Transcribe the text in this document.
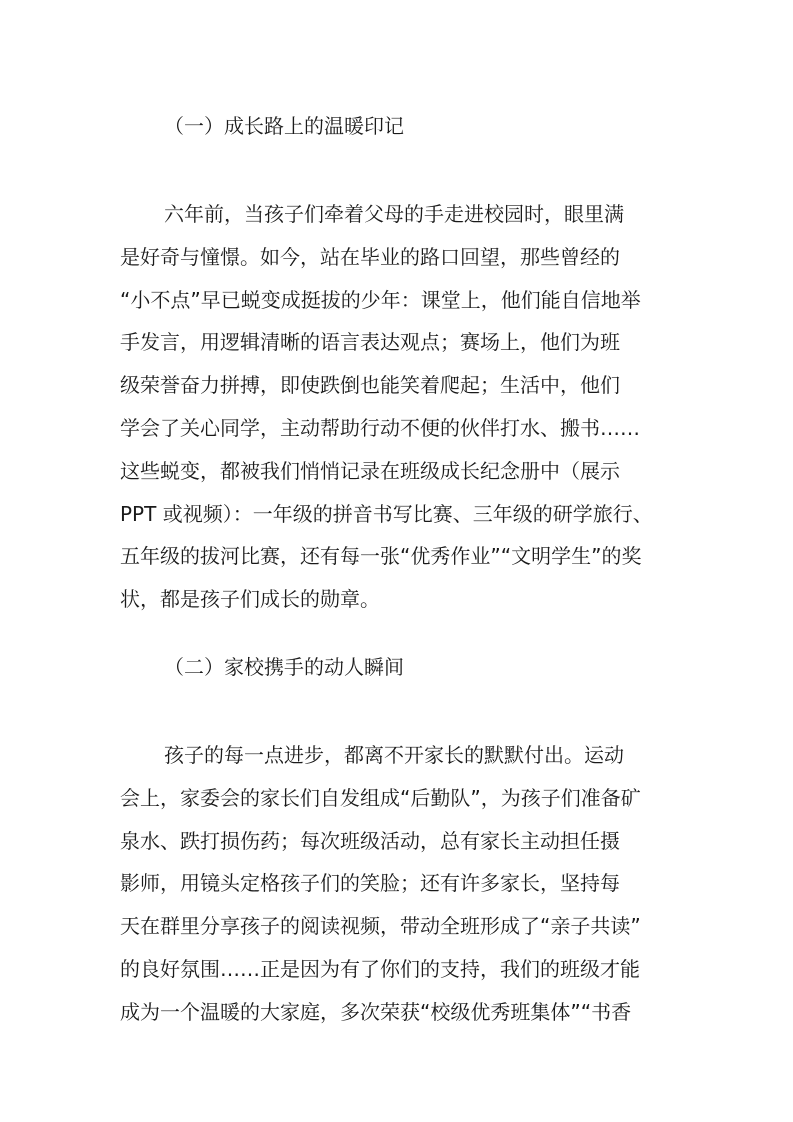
（一）成长路上的温暖印记
六年前，当孩子们牵着父母的手走进校园时，眼里满
是好奇与憧憬。如今，站在毕业的路口回望，那些曾经的
“小不点”早已蜕变成挺拔的少年：课堂上，他们能自信地举
手发言，用逻辑清晰的语言表达观点；赛场上，他们为班
级荣誉奋力拼搏，即使跌倒也能笑着爬起；生活中，他们
学会了关心同学，主动帮助行动不便的伙伴打水、搬书……
这些蜕变，都被我们悄悄记录在班级成长纪念册中（展示
PPT 或视频）：一年级的拼音书写比赛、三年级的研学旅行、
五年级的拔河比赛，还有每一张“优秀作业”“文明学生”的奖
状，都是孩子们成长的勋章。
（二）家校携手的动人瞬间
孩子的每一点进步，都离不开家长的默默付出。运动
会上，家委会的家长们自发组成“后勤队”，为孩子们准备矿
泉水、跌打损伤药；每次班级活动，总有家长主动担任摄
影师，用镜头定格孩子们的笑脸；还有许多家长，坚持每
天在群里分享孩子的阅读视频，带动全班形成了“亲子共读”
的良好氛围……正是因为有了你们的支持，我们的班级才能
成为一个温暖的大家庭，多次荣获“校级优秀班集体”“书香
